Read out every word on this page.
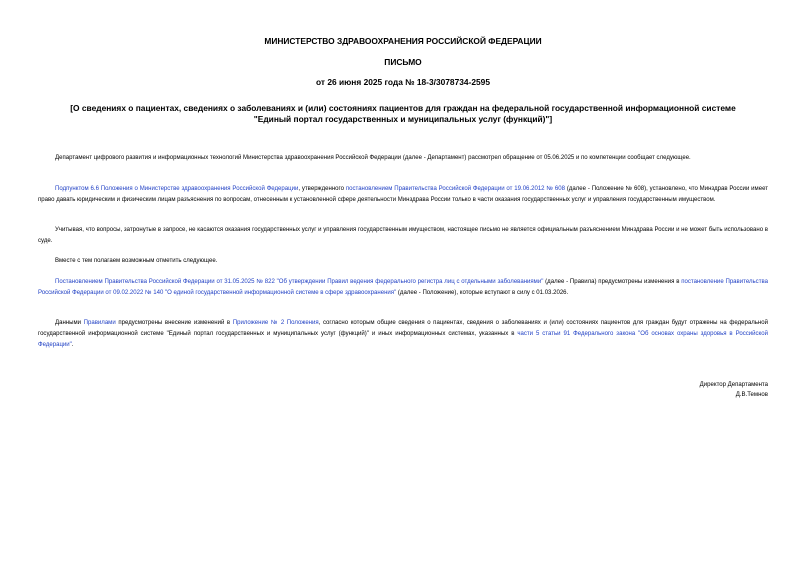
МИНИСТЕРСТВО ЗДРАВООХРАНЕНИЯ РОССИЙСКОЙ ФЕДЕРАЦИИ
ПИСЬМО
от 26 июня 2025 года № 18-3/3078734-2595
[О сведениях о пациентах, сведениях о заболеваниях и (или) состояниях пациентов для граждан на федеральной государственной информационной системе
"Единый портал государственных и муниципальных услуг (функций)"]
Департамент цифрового развития и информационных технологий Министерства здравоохранения Российской Федерации (далее - Департамент) рассмотрел обращение от 05.06.2025 и по компетенции сообщает следующее.
Подпунктом 6.6 Положения о Министерстве здравоохранения Российской Федерации, утвержденного постановлением Правительства Российской Федерации от 19.06.2012 № 608 (далее - Положение № 608), установлено, что Минздрав России имеет право давать юридическим и физическим лицам разъяснения по вопросам, отнесенным к установленной сфере деятельности Минздрава России только в части оказания государственных услуг и управления государственным имуществом.
Учитывая, что вопросы, затронутые в запросе, не касаются оказания государственных услуг и управления государственным имуществом, настоящее письмо не является официальным разъяснением Минздрава России и не может быть использовано в суде.
Вместе с тем полагаем возможным отметить следующее.
Постановлением Правительства Российской Федерации от 31.05.2025 № 822 "Об утверждении Правил ведения федерального регистра лиц с отдельными заболеваниями" (далее - Правила) предусмотрены изменения в постановление Правительства Российской Федерации от 09.02.2022 № 140 "О единой государственной информационной системе в сфере здравоохранения" (далее - Положение), которые вступают в силу с 01.03.2026.
Данными Правилами предусмотрены внесение изменений в Приложение № 2 Положения, согласно которым общие сведения о пациентах, сведения о заболеваниях и (или) состояниях пациентов для граждан будут отражены на федеральной государственной информационной системе "Единый портал государственных и муниципальных услуг (функций)" и иных информационных системах, указанных в части 5 статьи 91 Федерального закона "Об основах охраны здоровья в Российской Федерации".
Директор Департамента
Д.В.Темнов
